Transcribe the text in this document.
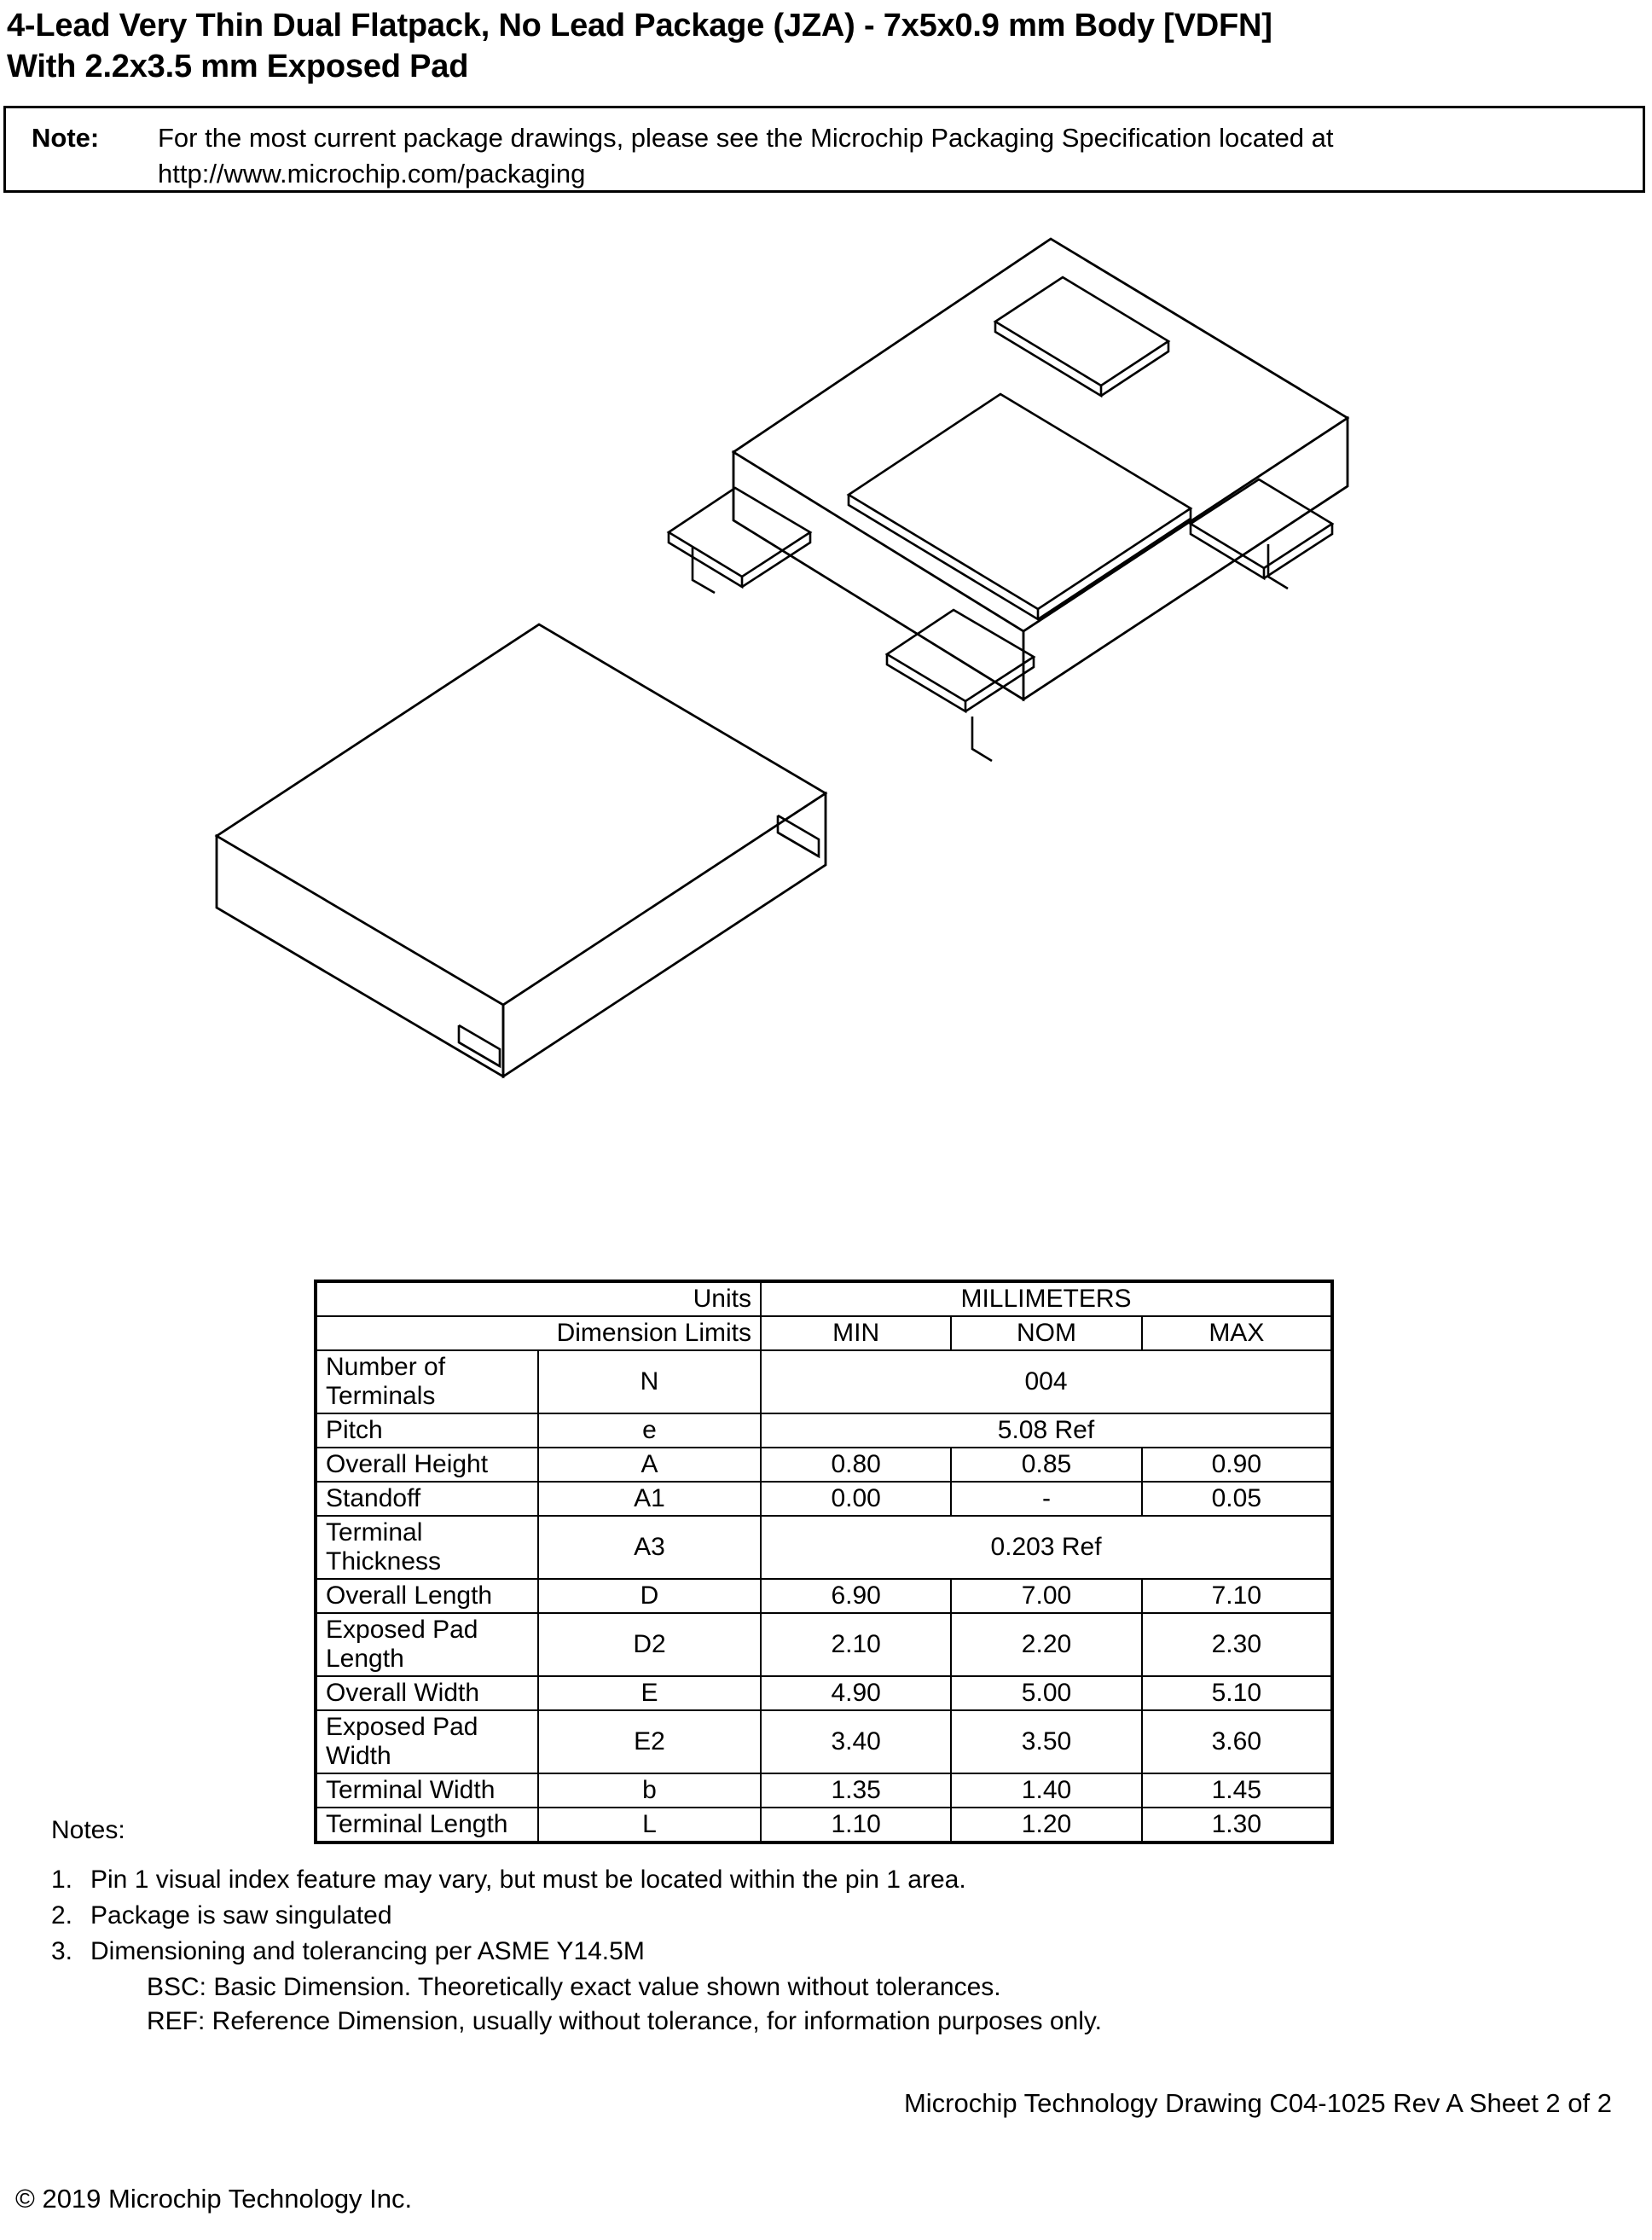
4-Lead Very Thin Dual Flatpack, No Lead Package (JZA) - 7x5x0.9 mm Body [VDFN]
With 2.2x3.5 mm Exposed Pad
Note: For the most current package drawings, please see the Microchip Packaging Specification located at
http://www.microchip.com/packaging
Units		MILLIMETERS		
Dimension Limits		MIN	NOM	MAX
Number of Terminals	N	004		
Pitch	e	5.08 Ref		
Overall Height	A	0.80	0.85	0.90
Standoff	A1	0.00	-	0.05
Terminal Thickness	A3	0.203 Ref		
Overall Length	D	6.90	7.00	7.10
Exposed Pad Length	D2	2.10	2.20	2.30
Overall Width	E	4.90	5.00	5.10
Exposed Pad Width	E2	3.40	3.50	3.60
Terminal Width	b	1.35	1.40	1.45
Terminal Length	L	1.10	1.20	1.30
Notes:
1. Pin 1 visual index feature may vary, but must be located within the pin 1 area.
2. Package is saw singulated
3. Dimensioning and tolerancing per ASME Y14.5M
BSC: Basic Dimension. Theoretically exact value shown without tolerances.
REF: Reference Dimension, usually without tolerance, for information purposes only.
Microchip Technology Drawing C04-1025 Rev A Sheet 2 of 2
© 2019 Microchip Technology Inc.
